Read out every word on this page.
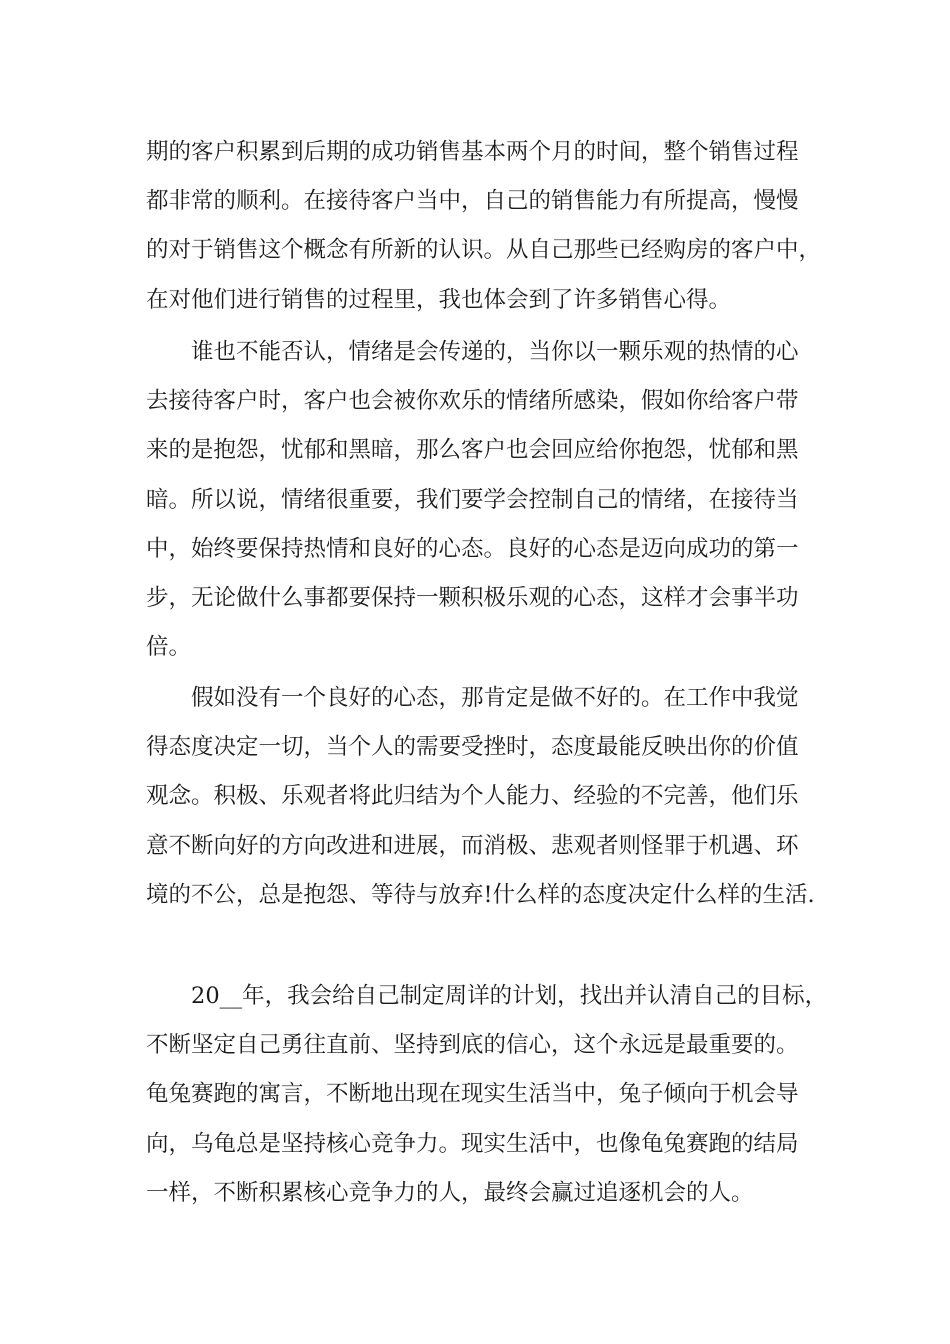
期的客户积累到后期的成功销售基本两个月的时间，整个销售过程
都非常的顺利。在接待客户当中，自己的销售能力有所提高，慢慢
的对于销售这个概念有所新的认识。从自己那些已经购房的客户中，
在对他们进行销售的过程里，我也体会到了许多销售心得。
谁也不能否认，情绪是会传递的，当你以一颗乐观的热情的心
去接待客户时，客户也会被你欢乐的情绪所感染，假如你给客户带
来的是抱怨，忧郁和黑暗，那么客户也会回应给你抱怨，忧郁和黑
暗。所以说，情绪很重要，我们要学会控制自己的情绪，在接待当
中，始终要保持热情和良好的心态。良好的心态是迈向成功的第一
步，无论做什么事都要保持一颗积极乐观的心态，这样才会事半功
倍。
假如没有一个良好的心态，那肯定是做不好的。在工作中我觉
得态度决定一切，当个人的需要受挫时，态度最能反映出你的价值
观念。积极、乐观者将此归结为个人能力、经验的不完善，他们乐
意不断向好的方向改进和进展，而消极、悲观者则怪罪于机遇、环
境的不公，总是抱怨、等待与放弃!什么样的态度决定什么样的生活.
20__年，我会给自己制定周详的计划，找出并认清自己的目标，
不断坚定自己勇往直前、坚持到底的信心，这个永远是最重要的。
龟兔赛跑的寓言，不断地出现在现实生活当中，兔子倾向于机会导
向，乌龟总是坚持核心竞争力。现实生活中，也像龟兔赛跑的结局
一样，不断积累核心竞争力的人，最终会赢过追逐机会的人。
